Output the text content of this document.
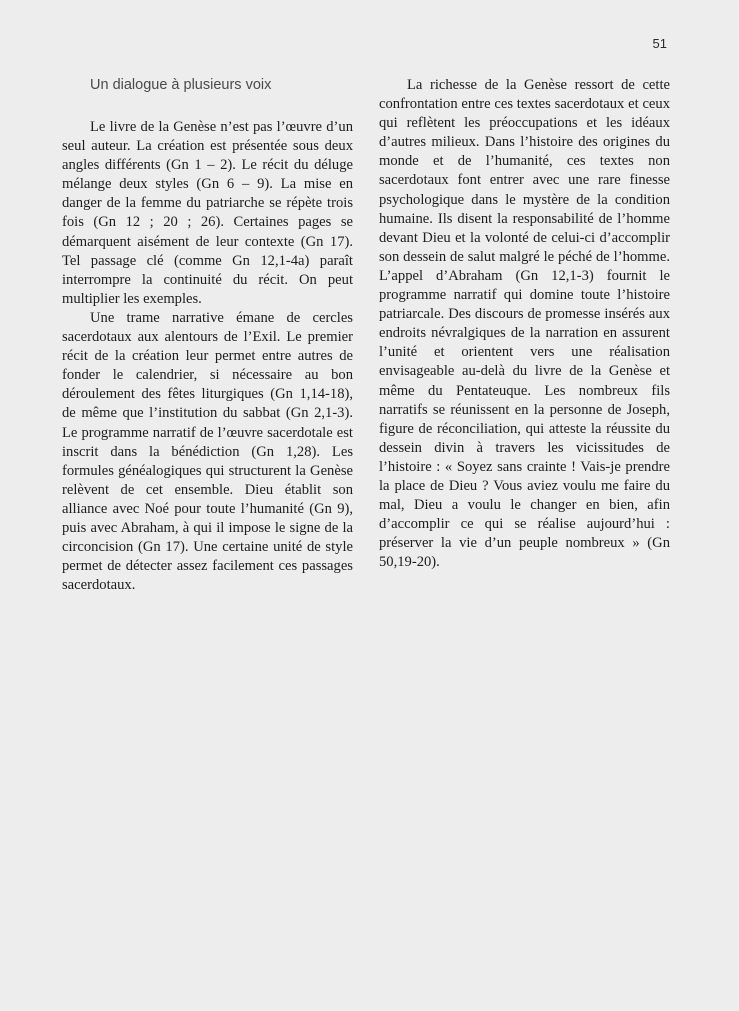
51
Un dialogue à plusieurs voix

Le livre de la Genèse n’est pas l’œuvre d’un seul auteur. La création est présentée sous deux angles différents (Gn 1 – 2). Le récit du déluge mélange deux styles (Gn 6 – 9). La mise en danger de la femme du patriarche se répète trois fois (Gn 12 ; 20 ; 26). Certaines pages se démarquent aisément de leur contexte (Gn 17). Tel passage clé (comme Gn 12,1-4a) paraît interrompre la continuité du récit. On peut multiplier les exemples.

Une trame narrative émane de cercles sacerdotaux aux alentours de l’Exil. Le premier récit de la création leur permet entre autres de fonder le calendrier, si nécessaire au bon déroulement des fêtes liturgiques (Gn 1,14-18), de même que l’institution du sabbat (Gn 2,1-3). Le programme narratif de l’œuvre sacerdotale est inscrit dans la bénédiction (Gn 1,28). Les formules généalogiques qui structurent la Genèse relèvent de cet ensemble. Dieu établit son alliance avec Noé pour toute l’humanité (Gn 9), puis avec Abraham, à qui il impose le signe de la circoncision (Gn 17). Une certaine unité de style permet de détecter assez facilement ces passages sacerdotaux.

La richesse de la Genèse ressort de cette confrontation entre ces textes sacerdotaux et ceux qui reflètent les préoccupations et les idéaux d’autres milieux. Dans l’histoire des origines du monde et de l’humanité, ces textes non sacerdotaux font entrer avec une rare finesse psychologique dans le mystère de la condition humaine. Ils disent la responsabilité de l’homme devant Dieu et la volonté de celui-ci d’accomplir son dessein de salut malgré le péché de l’homme. L’appel d’Abraham (Gn 12,1-3) fournit le programme narratif qui domine toute l’histoire patriarcale. Des discours de promesse insérés aux endroits névralgiques de la narration en assurent l’unité et orientent vers une réalisation envisageable au-delà du livre de la Genèse et même du Pentateuque. Les nombreux fils narratifs se réunissent en la personne de Joseph, figure de réconciliation, qui atteste la réussite du dessein divin à travers les vicissitudes de l’histoire : « Soyez sans crainte ! Vais-je prendre la place de Dieu ? Vous aviez voulu me faire du mal, Dieu a voulu le changer en bien, afin d’accomplir ce qui se réalise aujourd’hui : préserver la vie d’un peuple nombreux » (Gn 50,19-20).
